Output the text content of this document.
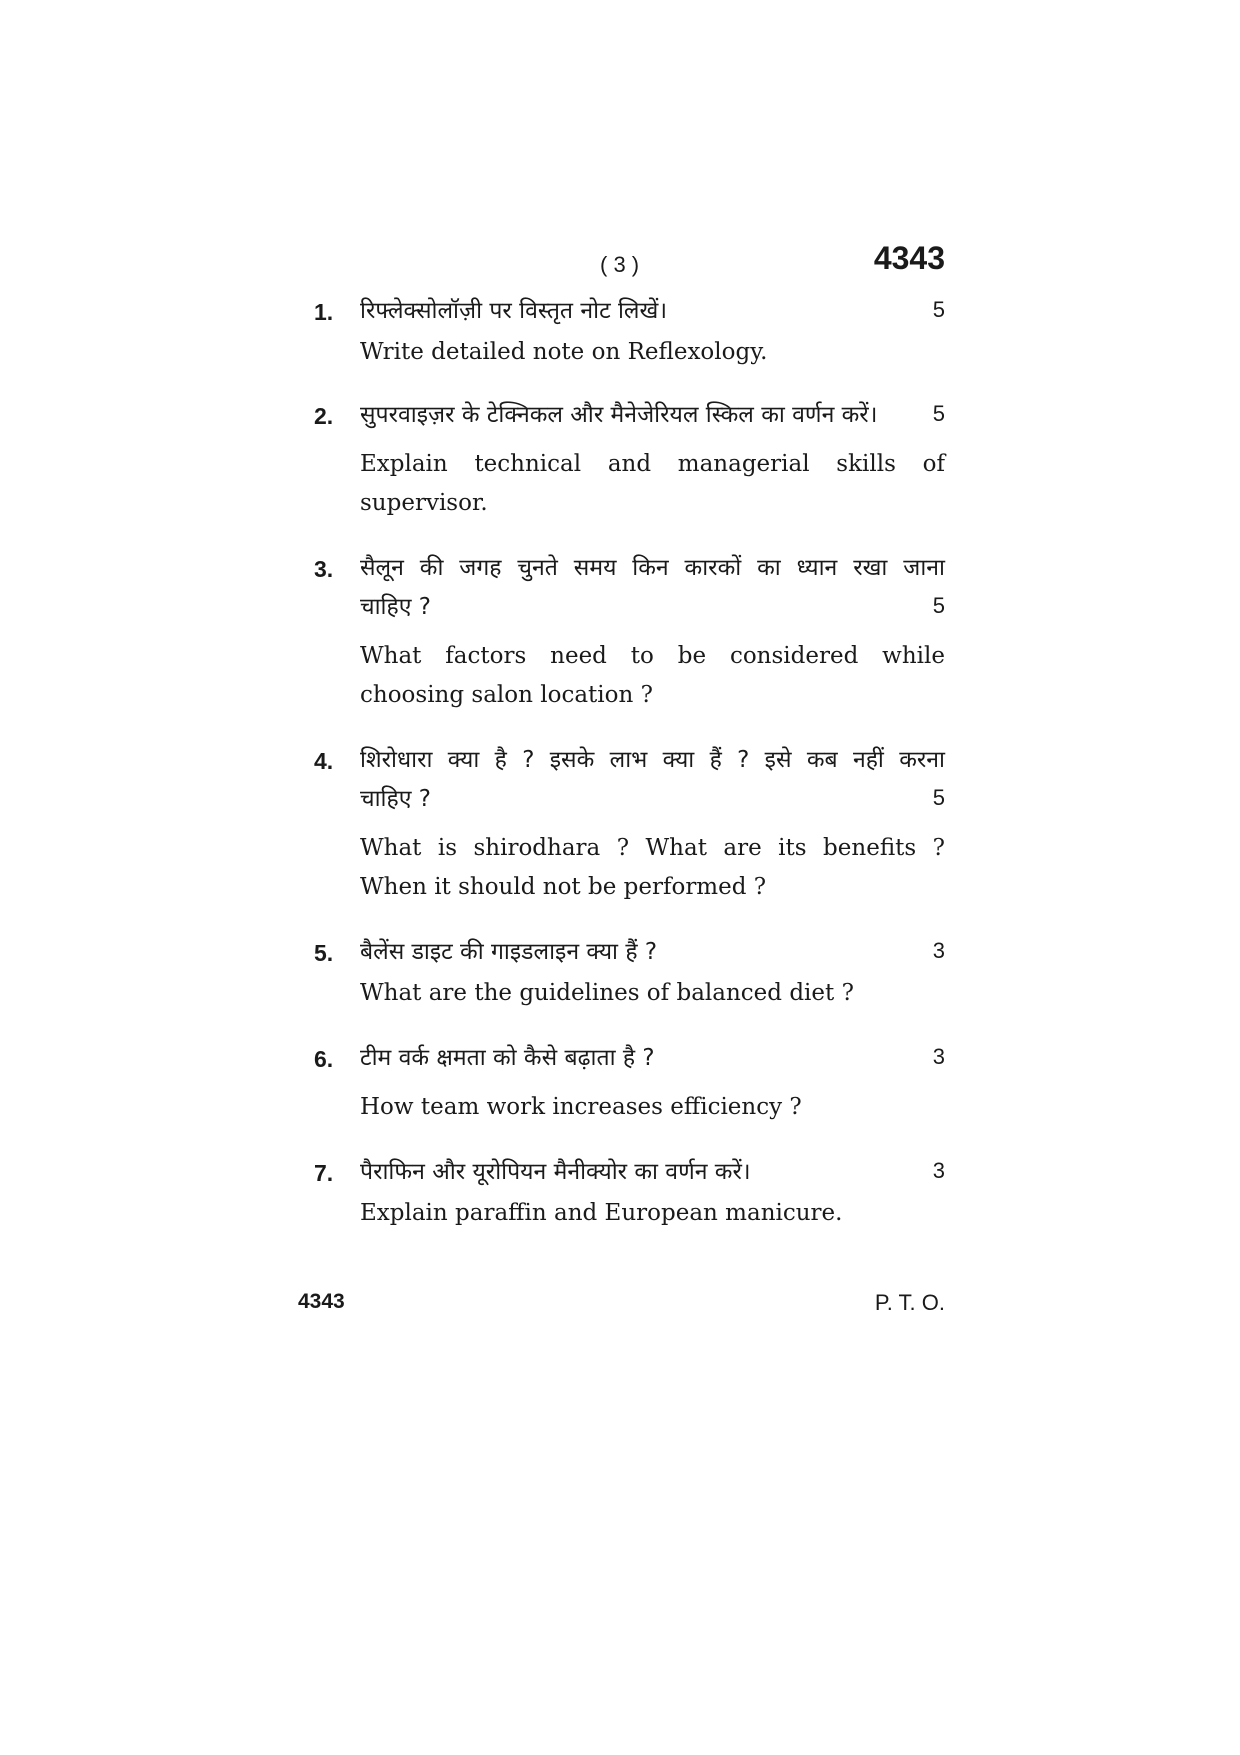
( 3 )	4343
1. रिफ्लेक्सोलॉज़ी पर विस्तृत नोट लिखें।	5
Write detailed note on Reflexology.
2. सुपरवाइज़र के टेक्निकल और मैनेजेरियल स्किल का वर्णन करें।	5
Explain technical and managerial skills of supervisor.
3. सैलून की जगह चुनते समय किन कारकों का ध्यान रखा जाना
चाहिए ?	5
What factors need to be considered while choosing salon location ?
4. शिरोधारा क्या है ? इसके लाभ क्या हैं ? इसे कब नहीं करना
चाहिए ?	5
What is shirodhara ? What are its benefits ? When it should not be performed ?
5. बैलेंस डाइट की गाइडलाइन क्या हैं ?	3
What are the guidelines of balanced diet ?
6. टीम वर्क क्षमता को कैसे बढ़ाता है ?	3
How team work increases efficiency ?
7. पैराफिन और यूरोपियन मैनीक्योर का वर्णन करें।	3
Explain paraffin and European manicure.
4343	P. T. O.
